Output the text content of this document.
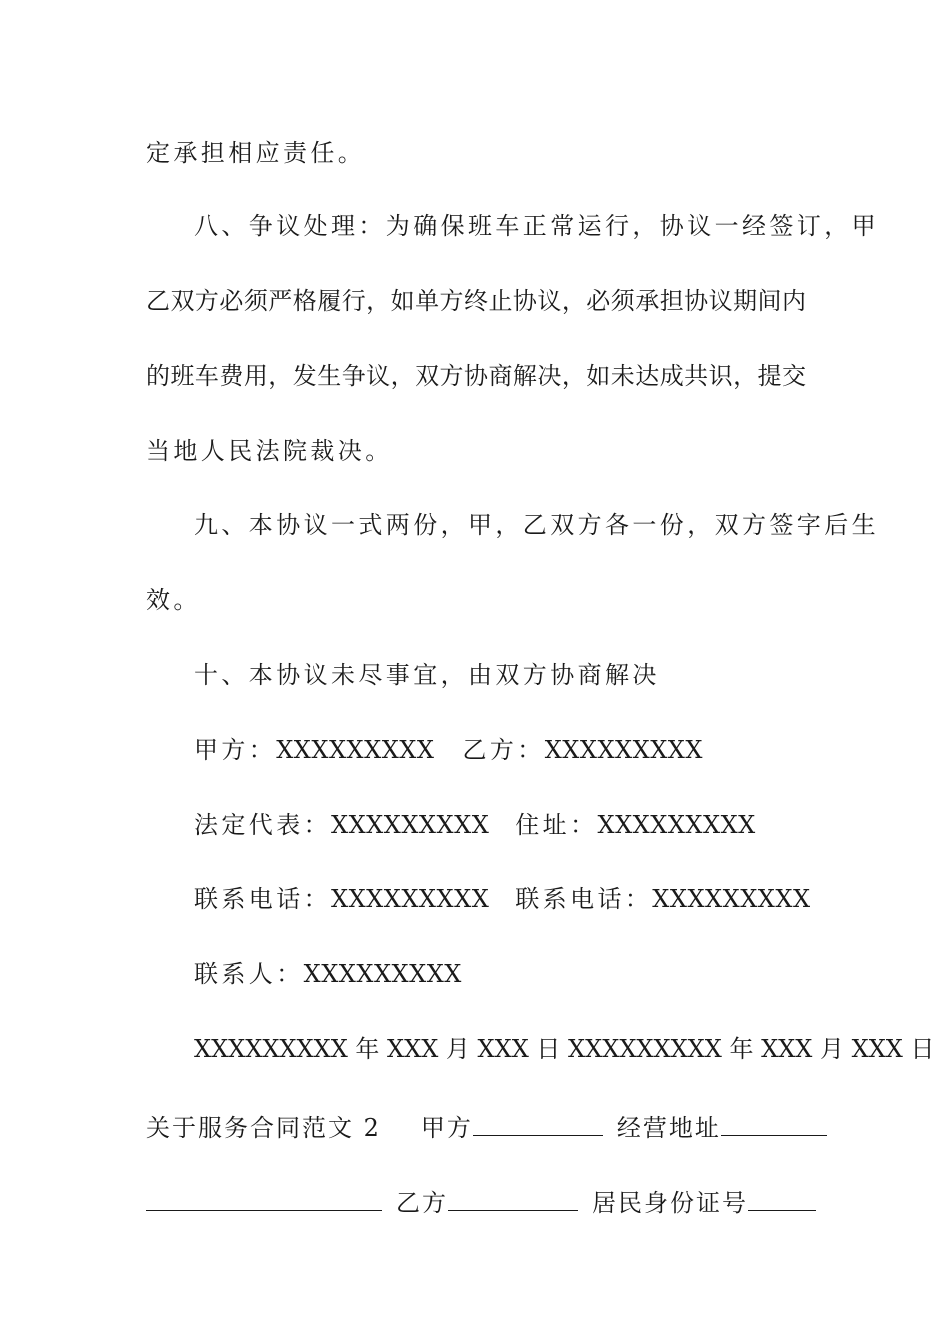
定承担相应责任。
八、争议处理：为确保班车正常运行，协议一经签订，甲
乙双方必须严格履行，如单方终止协议，必须承担协议期间内
的班车费用，发生争议，双方协商解决，如未达成共识，提交
当地人民法院裁决。
九、本协议一式两份，甲，乙双方各一份，双方签字后生
效。
十、本协议未尽事宜，由双方协商解决
甲方：XXXXXXXXX 乙方：XXXXXXXXX
法定代表：XXXXXXXXX 住址：XXXXXXXXX
联系电话：XXXXXXXXX 联系电话：XXXXXXXXX
联系人：XXXXXXXXX
XXXXXXXXX 年 XXX 月 XXX 日 XXXXXXXXX 年 XXX 月 XXX 日
关于服务合同范文 2 甲方	经营地址
乙方	居民身份证号
